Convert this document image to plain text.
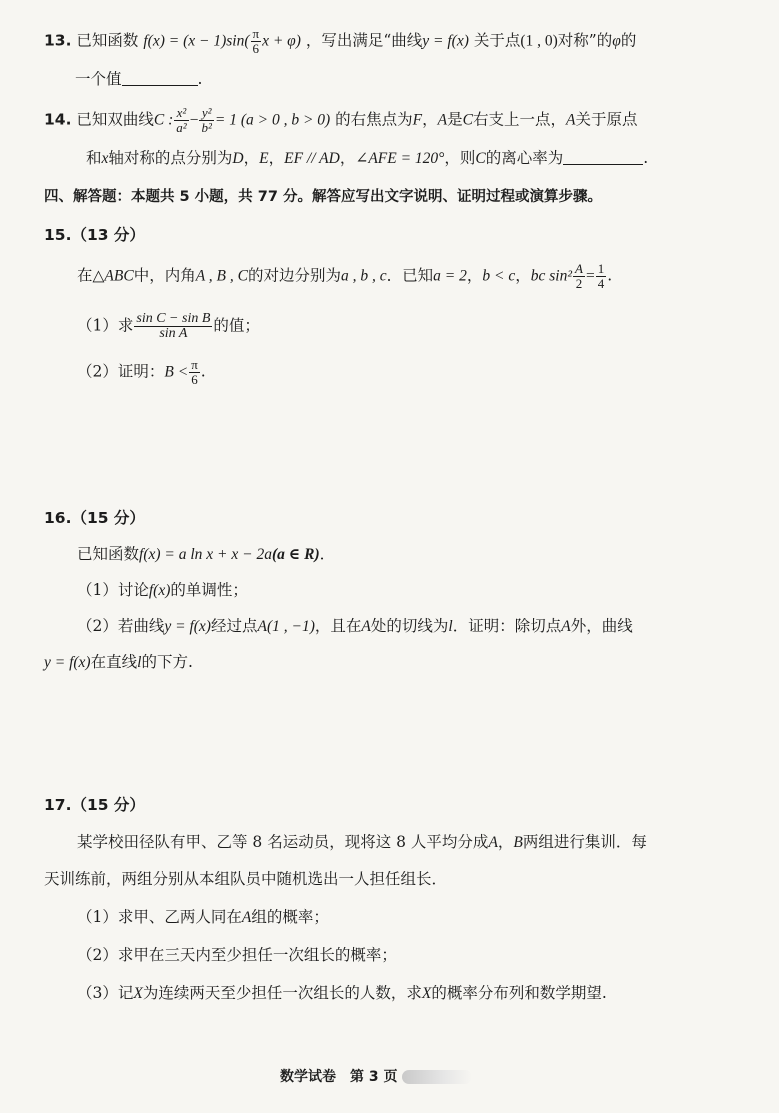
13. 已知函数 $f(x) = (x - 1)\sin( \frac{\pi}{6}$ x + φ) ，写出满足“曲线y = f(x) 关于点(1 , 0)对称”的φ的
一个值	.
14. 已知双曲线C : $\frac{\text{x²}}{\text{a²}} - \frac{\text{y²}}{\text{b²}} = 1$ (a > 0 , b > 0) 的右焦点为F，A是C右支上一点，A关于原点
和x轴对称的点分别为D，E，EF // AD，∠AFE = 120°，则C的离心率为	.
四、解答题：本题共 5 小题，共 77 分。解答应写出文字说明、证明过程或演算步骤。
15.（13 分）
在△ABC中，内角A , B , C的对边分别为a , b , c．已知a = 2，b < c，bc $\sin^2 \frac{A}{2} = \frac{1}{4}$ .
（1）求 $\frac{\text{sin C − sin B}}{\text{sin A}}$ 的值；
（2）证明：$B < \frac{\pi}{6}$ .
16.（15 分）
已知函数f(x) = a ln x + x − 2a(a ∈ R)．
（1）讨论f(x)的单调性；
（2）若曲线y = f(x)经过点A(1 , −1)，且在A处的切线为l．证明：除切点A外，曲线
y = f(x)在直线l的下方.
17.（15 分）
某学校田径队有甲、乙等 8 名运动员，现将这 8 人平均分成A，B两组进行集训．每
天训练前，两组分别从本组队员中随机选出一人担任组长．
（1）求甲、乙两人同在A组的概率；
（2）求甲在三天内至少担任一次组长的概率；
（3）记X为连续两天至少担任一次组长的人数，求X的概率分布列和数学期望.
数学试卷　第 3 页
